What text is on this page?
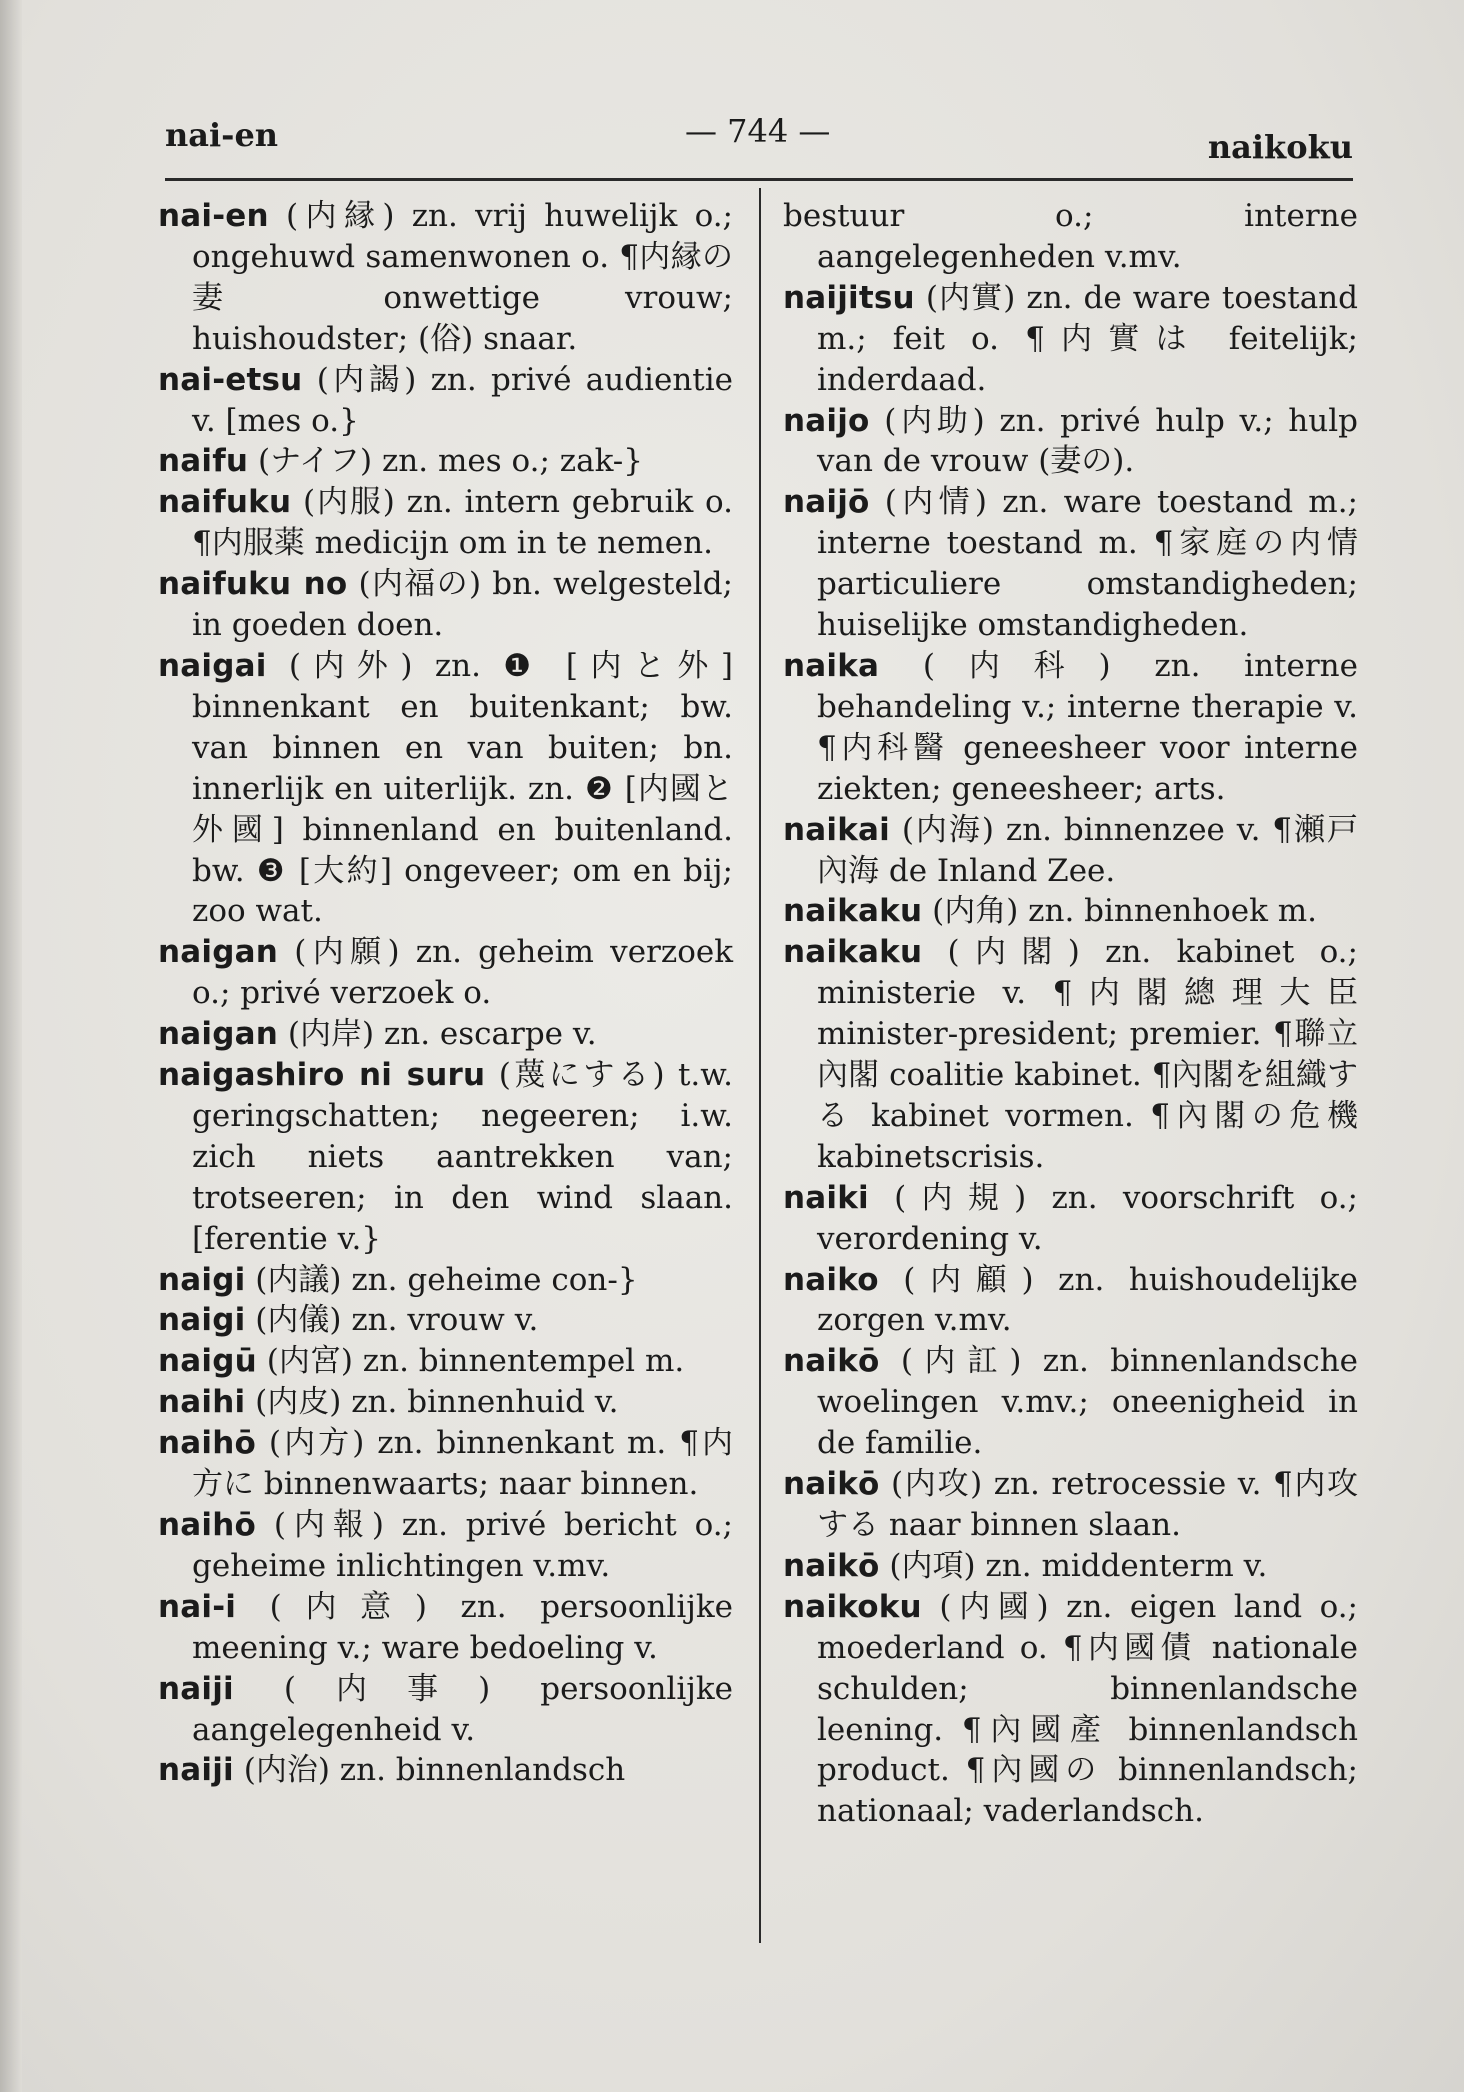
nai-en	— 744 —	naikoku

nai-en (内縁) zn. vrij huwelijk o.; ongehuwd samenwonen o. ¶内縁の妻 onwettige vrouw; huishoudster; (俗) snaar.

nai-etsu (内謁) zn. privé audientie v. [mes o.}

naifu (ナイフ) zn. mes o.; zak-}

naifuku (内服) zn. intern gebruik o. ¶内服薬 medicijn om in te nemen.

naifuku no (内福の) bn. welgesteld; in goeden doen.

naigai (内外) zn. ❶ [内と外] binnenkant en buitenkant; bw. van binnen en van buiten; bn. innerlijk en uiterlijk. zn. ❷ [内國と外國] binnenland en buitenland. bw. ❸ [大約] ongeveer; om en bij; zoo wat.

naigan (内願) zn. geheim verzoek o.; privé verzoek o.

naigan (内岸) zn. escarpe v.

naigashiro ni suru (蔑にする) t.w. geringschatten; negeeren; i.w. zich niets aantrekken van; trotseeren; in den wind slaan. [ferentie v.}

naigi (内議) zn. geheime con-}

naigi (内儀) zn. vrouw v.

naigū (内宮) zn. binnentempel m.

naihi (内皮) zn. binnenhuid v.

naihō (内方) zn. binnenkant m. ¶内方に binnenwaarts; naar binnen.

naihō (内報) zn. privé bericht o.; geheime inlichtingen v.mv.

nai-i (内意) zn. persoonlijke meening v.; ware bedoeling v.

naiji (内事) persoonlijke aangelegenheid v.

naiji (内治) zn. binnenlandsch

bestuur o.; interne aangelegenheden v.mv.

naijitsu (内實) zn. de ware toestand m.; feit o. ¶内實は feitelijk; inderdaad.

naijo (内助) zn. privé hulp v.; hulp van de vrouw (妻の).

naijō (内情) zn. ware toestand m.; interne toestand m. ¶家庭の内情 particuliere omstandigheden; huiselijke omstandigheden.

naika (内科) zn. interne behandeling v.; interne therapie v. ¶内科醫 geneesheer voor interne ziekten; geneesheer; arts.

naikai (内海) zn. binnenzee v. ¶瀬戸內海 de Inland Zee.

naikaku (内角) zn. binnenhoek m.

naikaku (内閣) zn. kabinet o.; ministerie v. ¶内閣總理大臣 minister-president; premier. ¶聯立內閣 coalitie kabinet. ¶內閣を組織する kabinet vormen. ¶內閣の危機 kabinetscrisis.

naiki (内規) zn. voorschrift o.; verordening v.

naiko (内顧) zn. huishoudelijke zorgen v.mv.

naikō (内訌) zn. binnenlandsche woelingen v.mv.; oneenigheid in de familie.

naikō (内攻) zn. retrocessie v. ¶内攻する naar binnen slaan.

naikō (内項) zn. middenterm v.

naikoku (内國) zn. eigen land o.; moederland o. ¶内國債 nationale schulden; binnenlandsche leening. ¶內國產 binnenlandsch product. ¶內國の binnenlandsch; nationaal; vaderlandsch.
